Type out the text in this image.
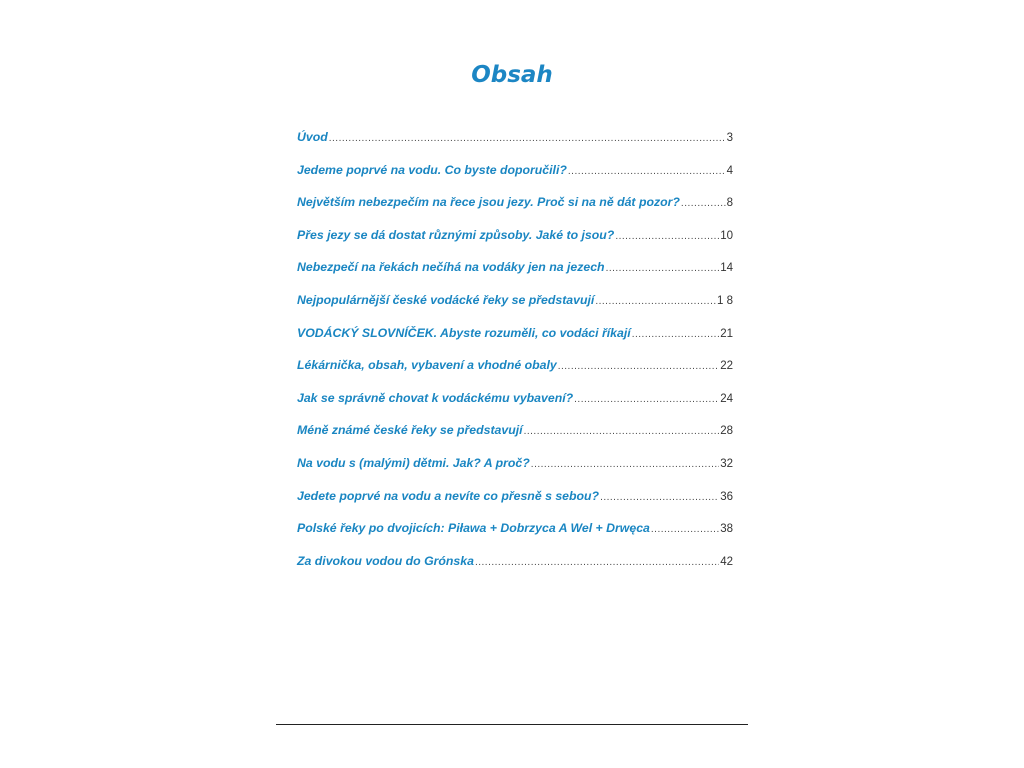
Obsah
Úvod .....	3
Jedeme poprvé na vodu. Co byste doporučili? .....	4
Největším nebezpečím na řece jsou jezy. Proč si na ně dát pozor? .....	8
Přes jezy se dá dostat různými způsoby. Jaké to jsou? .....	10
Nebezpečí na řekách nečíhá na vodáky jen na jezech .....	14
Nejpopulárnější české vodácké řeky se představují .....	1 8
VODÁCKÝ SLOVNÍČEK. Abyste rozuměli, co vodáci říkají .....	21
Lékárnička, obsah, vybavení a vhodné obaly .....	22
Jak se správně chovat k vodáckému vybavení? .....	24
Méně známé české řeky se představují .....	28
Na vodu s (malými) dětmi. Jak? A proč? .....	32
Jedete poprvé na vodu a nevíte co přesně s sebou? .....	36
Polské řeky po dvojicích: Piława + Dobrzyca A Wel + Drwęca .....	38
Za divokou vodou do Grónska .....	42
